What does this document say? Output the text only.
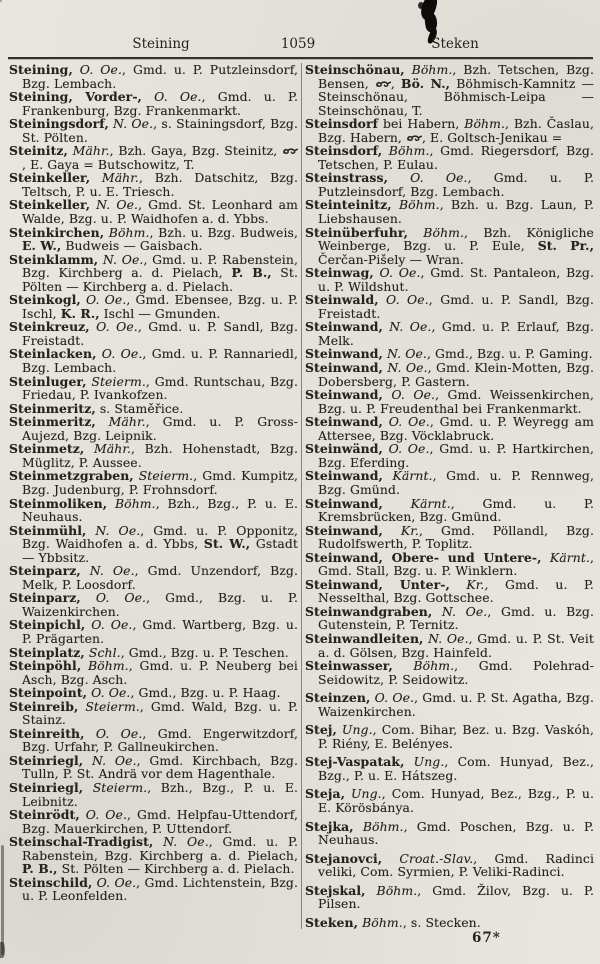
Steining	1059	Steken

Steining, O. Oe., Gmd. u. P. Putzleinsdorf, Bzg. Lembach.

Steining, Vorder-, O. Oe., Gmd. u. P. Frankenburg, Bzg. Frankenmarkt.

Steiningsdorf, N. Oe., s. Stainingsdorf, Bzg. St. Pölten.

Steinitz, Mähr., Bzh. Gaya, Bzg. Steinitz,
, E. Gaya = Butschowitz, T.

Steinkeller, Mähr., Bzh. Datschitz, Bzg. Teltsch, P. u. E. Triesch.

Steinkeller, N. Oe., Gmd. St. Leonhard am Walde, Bzg. u. P. Waidhofen a. d. Ybbs.

Steinkirchen, Böhm., Bzh. u. Bzg. Budweis, E. W., Budweis — Gaisbach.

Steinklamm, N. Oe., Gmd. u. P. Rabenstein, Bzg. Kirchberg a. d. Pielach, P. B., St. Pölten — Kirchberg a. d. Pielach.

Steinkogl, O. Oe., Gmd. Ebensee, Bzg. u. P. Ischl, K. R., Ischl — Gmunden.

Steinkreuz, O. Oe., Gmd. u. P. Sandl, Bzg. Freistadt.

Steinlacken, O. Oe., Gmd. u. P. Rannariedl, Bzg. Lembach.

Steinluger, Steierm., Gmd. Runtschau, Bzg. Friedau, P. Ivankofzen.

Steinmeritz, s. Staměřice.

Steinmeritz, Mähr., Gmd. u. P. Gross-Aujezd, Bzg. Leipnik.

Steinmetz, Mähr., Bzh. Hohenstadt, Bzg. Müglitz, P. Aussee.

Steinmetzgraben, Steierm., Gmd. Kumpitz, Bzg. Judenburg, P. Frohnsdorf.

Steinmoliken, Böhm., Bzh., Bzg., P. u. E. Neuhaus.

Steinmühl, N. Oe., Gmd. u. P. Opponitz, Bzg. Waidhofen a. d. Ybbs, St. W., Gstadt — Ybbsitz.

Steinparz, N. Oe., Gmd. Unzendorf, Bzg. Melk, P. Loosdorf.

Steinparz, O. Oe., Gmd., Bzg. u. P. Waizenkirchen.

Steinpichl, O. Oe., Gmd. Wartberg, Bzg. u. P. Prägarten.

Steinplatz, Schl., Gmd., Bzg. u. P. Teschen.

Steinpöhl, Böhm., Gmd. u. P. Neuberg bei Asch, Bzg. Asch.

Steinpoint, O. Oe., Gmd., Bzg. u. P. Haag.

Steinreib, Steierm., Gmd. Wald, Bzg. u. P. Stainz.

Steinreith, O. Oe., Gmd. Engerwitzdorf, Bzg. Urfahr, P. Gallneukirchen.

Steinriegl, N. Oe., Gmd. Kirchbach, Bzg. Tulln, P. St. Andrä vor dem Hagenthale.

Steinriegl, Steierm., Bzh., Bzg., P. u. E. Leibnitz.

Steinrödt, O. Oe., Gmd. Helpfau-Uttendorf, Bzg. Mauerkirchen, P. Uttendorf.

Steinschal-Tradigist, N. Oe., Gmd. u. P. Rabenstein, Bzg. Kirchberg a. d. Pielach, P. B., St. Pölten — Kirchberg a. d. Pielach.

Steinschild, O. Oe., Gmd. Lichtenstein, Bzg. u. P. Leonfelden.

Steinschönau, Böhm., Bzh. Tetschen, Bzg. Bensen,
, Bö. N., Böhmisch-Kamnitz — Steinschönau, Böhmisch-Leipa — Steinschönau, T.

Steinsdorf bei Habern, Böhm., Bzh. Časlau, Bzg. Habern,
, E. Goltsch-Jenikau =

Steinsdorf, Böhm., Gmd. Riegersdorf, Bzg. Tetschen, P. Eulau.

Steinstrass, O. Oe., Gmd. u. P. Putzleinsdorf, Bzg. Lembach.

Steinteinitz, Böhm., Bzh. u. Bzg. Laun, P. Liebshausen.

Steinüberfuhr, Böhm., Bzh. Königliche Weinberge, Bzg. u. P. Eule, St. Pr., Čerčan-Pišely — Wran.

Steinwag, O. Oe., Gmd. St. Pantaleon, Bzg. u. P. Wildshut.

Steinwald, O. Oe., Gmd. u. P. Sandl, Bzg. Freistadt.

Steinwand, N. Oe., Gmd. u. P. Erlauf, Bzg. Melk.

Steinwand, N. Oe., Gmd., Bzg. u. P. Gaming.

Steinwand, N. Oe., Gmd. Klein-Motten, Bzg. Dobersberg, P. Gastern.

Steinwand, O. Oe., Gmd. Weissenkirchen, Bzg. u. P. Freudenthal bei Frankenmarkt.

Steinwand, O. Oe., Gmd. u. P. Weyregg am Attersee, Bzg. Vöcklabruck.

Steinwänd, O. Oe., Gmd. u. P. Hartkirchen, Bzg. Eferding.

Steinwand, Kärnt., Gmd. u. P. Rennweg, Bzg. Gmünd.

Steinwand, Kärnt., Gmd. u. P. Kremsbrücken, Bzg. Gmünd.

Steinwand, Kr., Gmd. Pöllandl, Bzg. Rudolfswerth, P. Toplitz.

Steinwand, Obere- und Untere-, Kärnt., Gmd. Stall, Bzg. u. P. Winklern.

Steinwand, Unter-, Kr., Gmd. u. P. Nesselthal, Bzg. Gottschee.

Steinwandgraben, N. Oe., Gmd. u. Bzg. Gutenstein, P. Ternitz.

Steinwandleiten, N. Oe., Gmd. u. P. St. Veit a. d. Gölsen, Bzg. Hainfeld.

Steinwasser, Böhm., Gmd. Polehrad-Seidowitz, P. Seidowitz.

Steinzen, O. Oe., Gmd. u. P. St. Agatha, Bzg. Waizenkirchen.

Stej, Ung., Com. Bihar, Bez. u. Bzg. Vaskóh, P. Riény, E. Belényes.

Stej-Vaspatak, Ung., Com. Hunyad, Bez., Bzg., P. u. E. Hátszeg.

Steja, Ung., Com. Hunyad, Bez., Bzg., P. u. E. Körösbánya.

Stejka, Böhm., Gmd. Poschen, Bzg. u. P. Neuhaus.

Stejanovci, Croat.-Slav., Gmd. Radinci veliki, Com. Syrmien, P. Veliki-Radinci.

Stejskal, Böhm., Gmd. Žilov, Bzg. u. P. Pilsen.

Steken, Böhm., s. Stecken.

67*
